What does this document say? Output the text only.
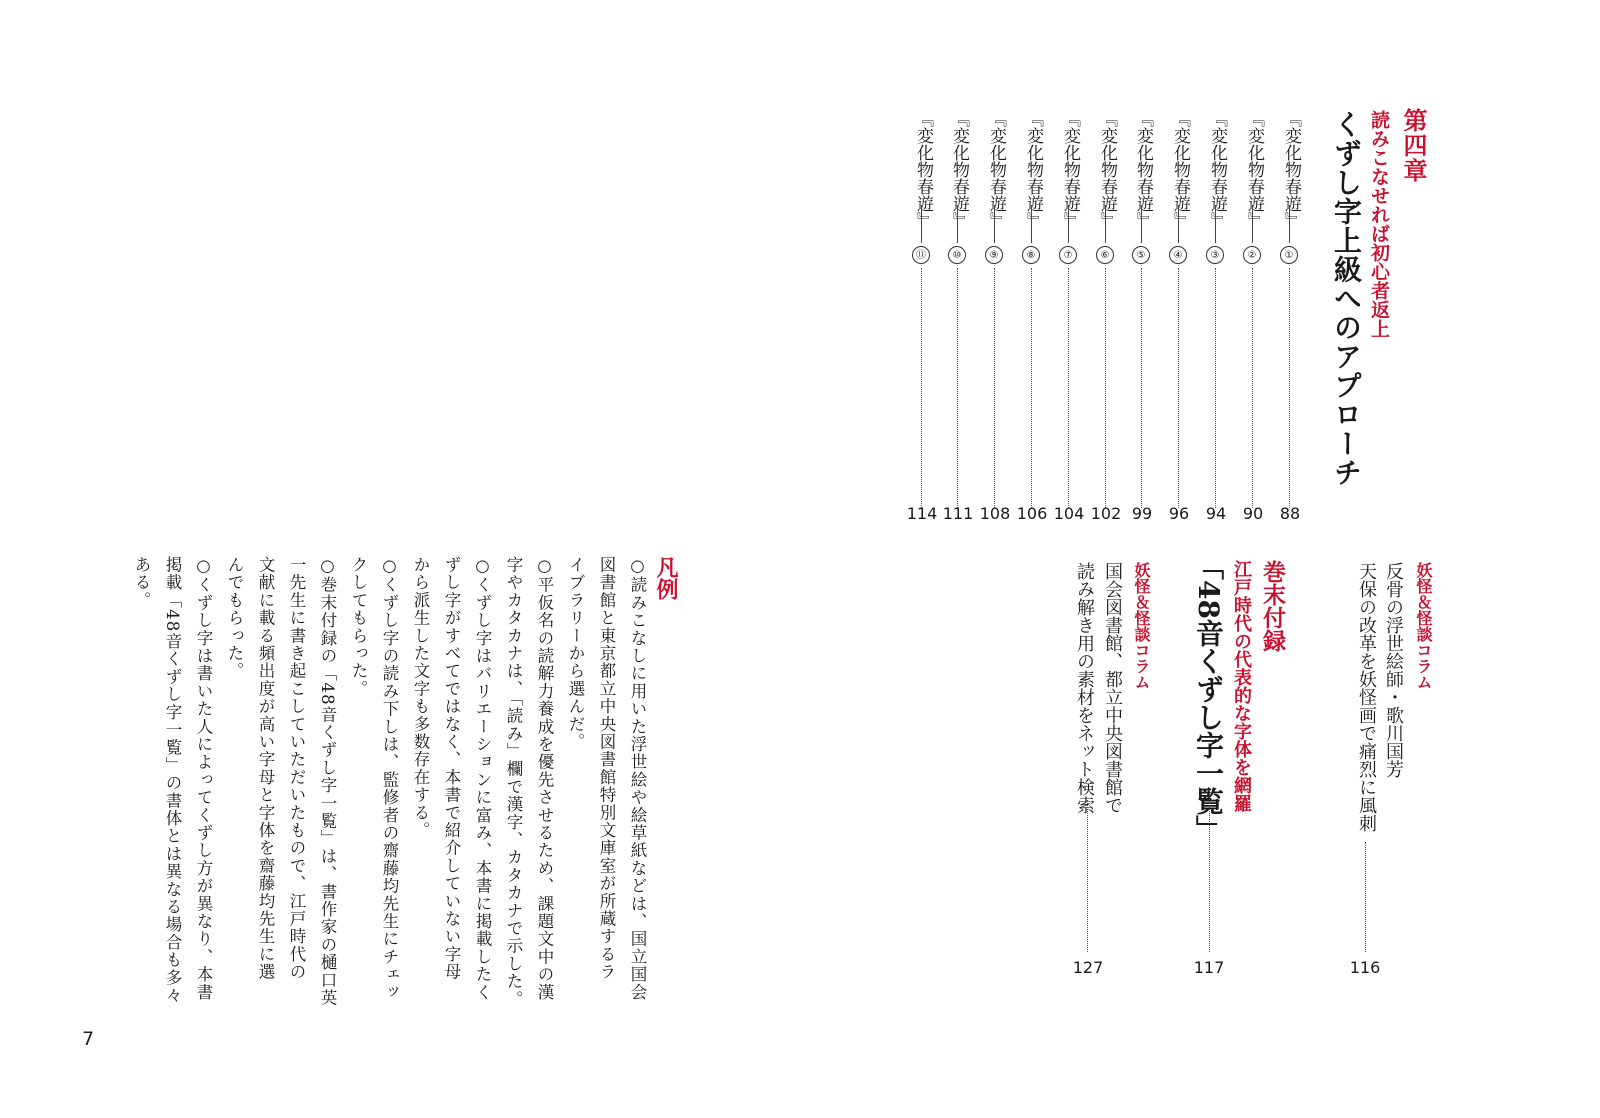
第四章
読みこなせれば初心者返上
くずし字上級へのアプローチ
『変化物春遊』
①
『変化物春遊』
②
『変化物春遊』
③
『変化物春遊』
④
『変化物春遊』
⑤
『変化物春遊』
⑥
『変化物春遊』
⑦
『変化物春遊』
⑧
『変化物春遊』
⑨
『変化物春遊』
⑩
『変化物春遊』
⑪
88
90
94
96
99
102
104
106
108
111
114
妖怪＆怪談コラム
反骨の浮世絵師・歌川国芳
天保の改革を妖怪画で痛烈に風刺
116
巻末付録
江戸時代の代表的な字体を網羅
「48音くずし字一覧」
117
妖怪＆怪談コラム
国会図書館、都立中央図書館で
読み解き用の素材をネット検索
127
凡例
○読みこなしに用いた浮世絵や絵草紙などは、国立国会
図書館と東京都立中央図書館特別文庫室が所蔵するラ
イブラリーから選んだ。
○平仮名の読解力養成を優先させるため、課題文中の漢
字やカタカナは、「読み」欄で漢字、カタカナで示した。
○くずし字はバリエーションに富み、本書に掲載したく
ずし字がすべてではなく、本書で紹介していない字母
から派生した文字も多数存在する。
○くずし字の読み下しは、監修者の齋藤均先生にチェッ
クしてもらった。
○巻末付録の「48音くずし字一覧」は、書作家の樋口英
一先生に書き起こしていただいたもので、江戸時代の
文献に載る頻出度が高い字母と字体を齋藤均先生に選
んでもらった。
○くずし字は書いた人によってくずし方が異なり、本書
掲載「48音くずし字一覧」の書体とは異なる場合も多々
ある。
7
